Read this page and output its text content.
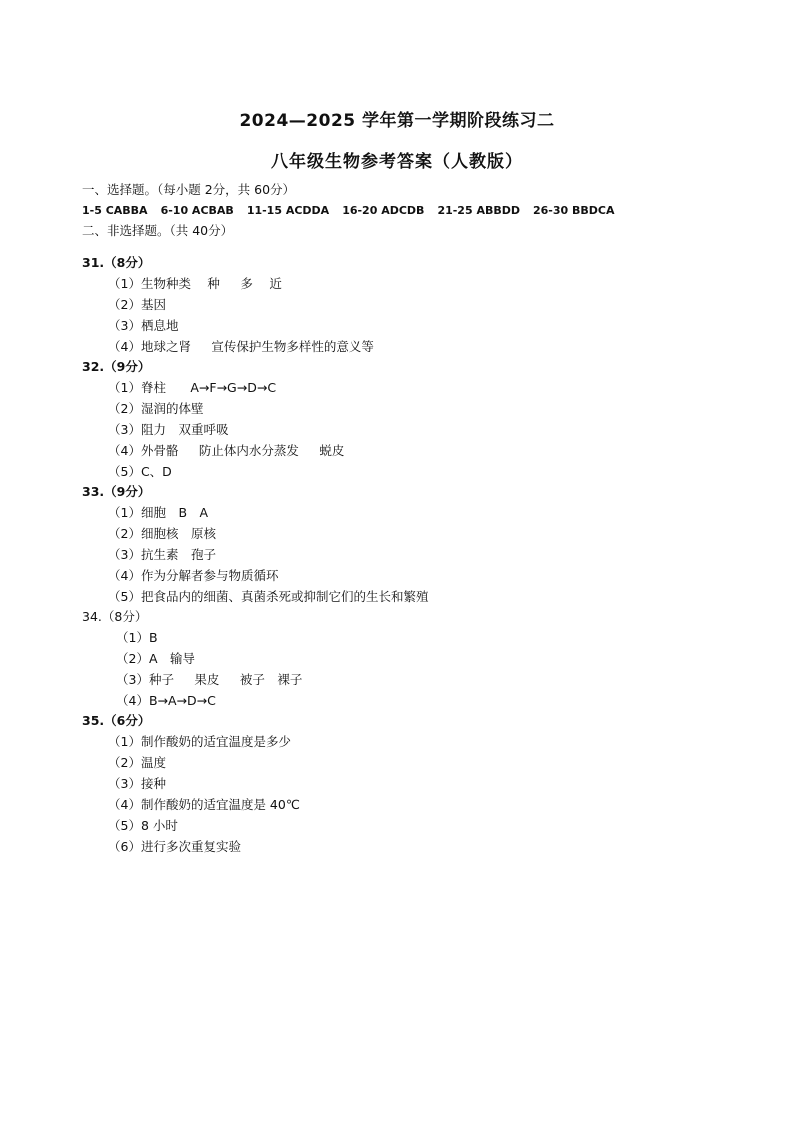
2024—2025 学年第一学期阶段练习二
八年级生物参考答案（人教版）
一、选择题。（每小题 2分，共 60分）
1-5 CABBA 6-10 ACBAB 11-15 ACDDA 16-20 ADCDB 21-25 ABBDD 26-30 BBDCA
二、非选择题。（共 40分）
31.（8分）
（1）生物种类　 种　  多　 近
（2）基因
（3）栖息地
（4）地球之肾　  宣传保护生物多样性的意义等
32.（9分）
（1）脊柱　   A→F→G→D→C
（2）湿润的体壁
（3）阻力　双重呼吸
（4）外骨骼　  防止体内水分蒸发　  蜕皮
（5）C、D
33.（9分）
（1）细胞　B　A
（2）细胞核　原核
（3）抗生素　孢子
（4）作为分解者参与物质循环
（5）把食品内的细菌、真菌杀死或抑制它们的生长和繁殖
34.（8分）
（1）B
（2）A　输导
（3）种子　  果皮　  被子　裸子
（4）B→A→D→C
35.（6分）
（1）制作酸奶的适宜温度是多少
（2）温度
（3）接种
（4）制作酸奶的适宜温度是 40℃
（5）8 小时
（6）进行多次重复实验
